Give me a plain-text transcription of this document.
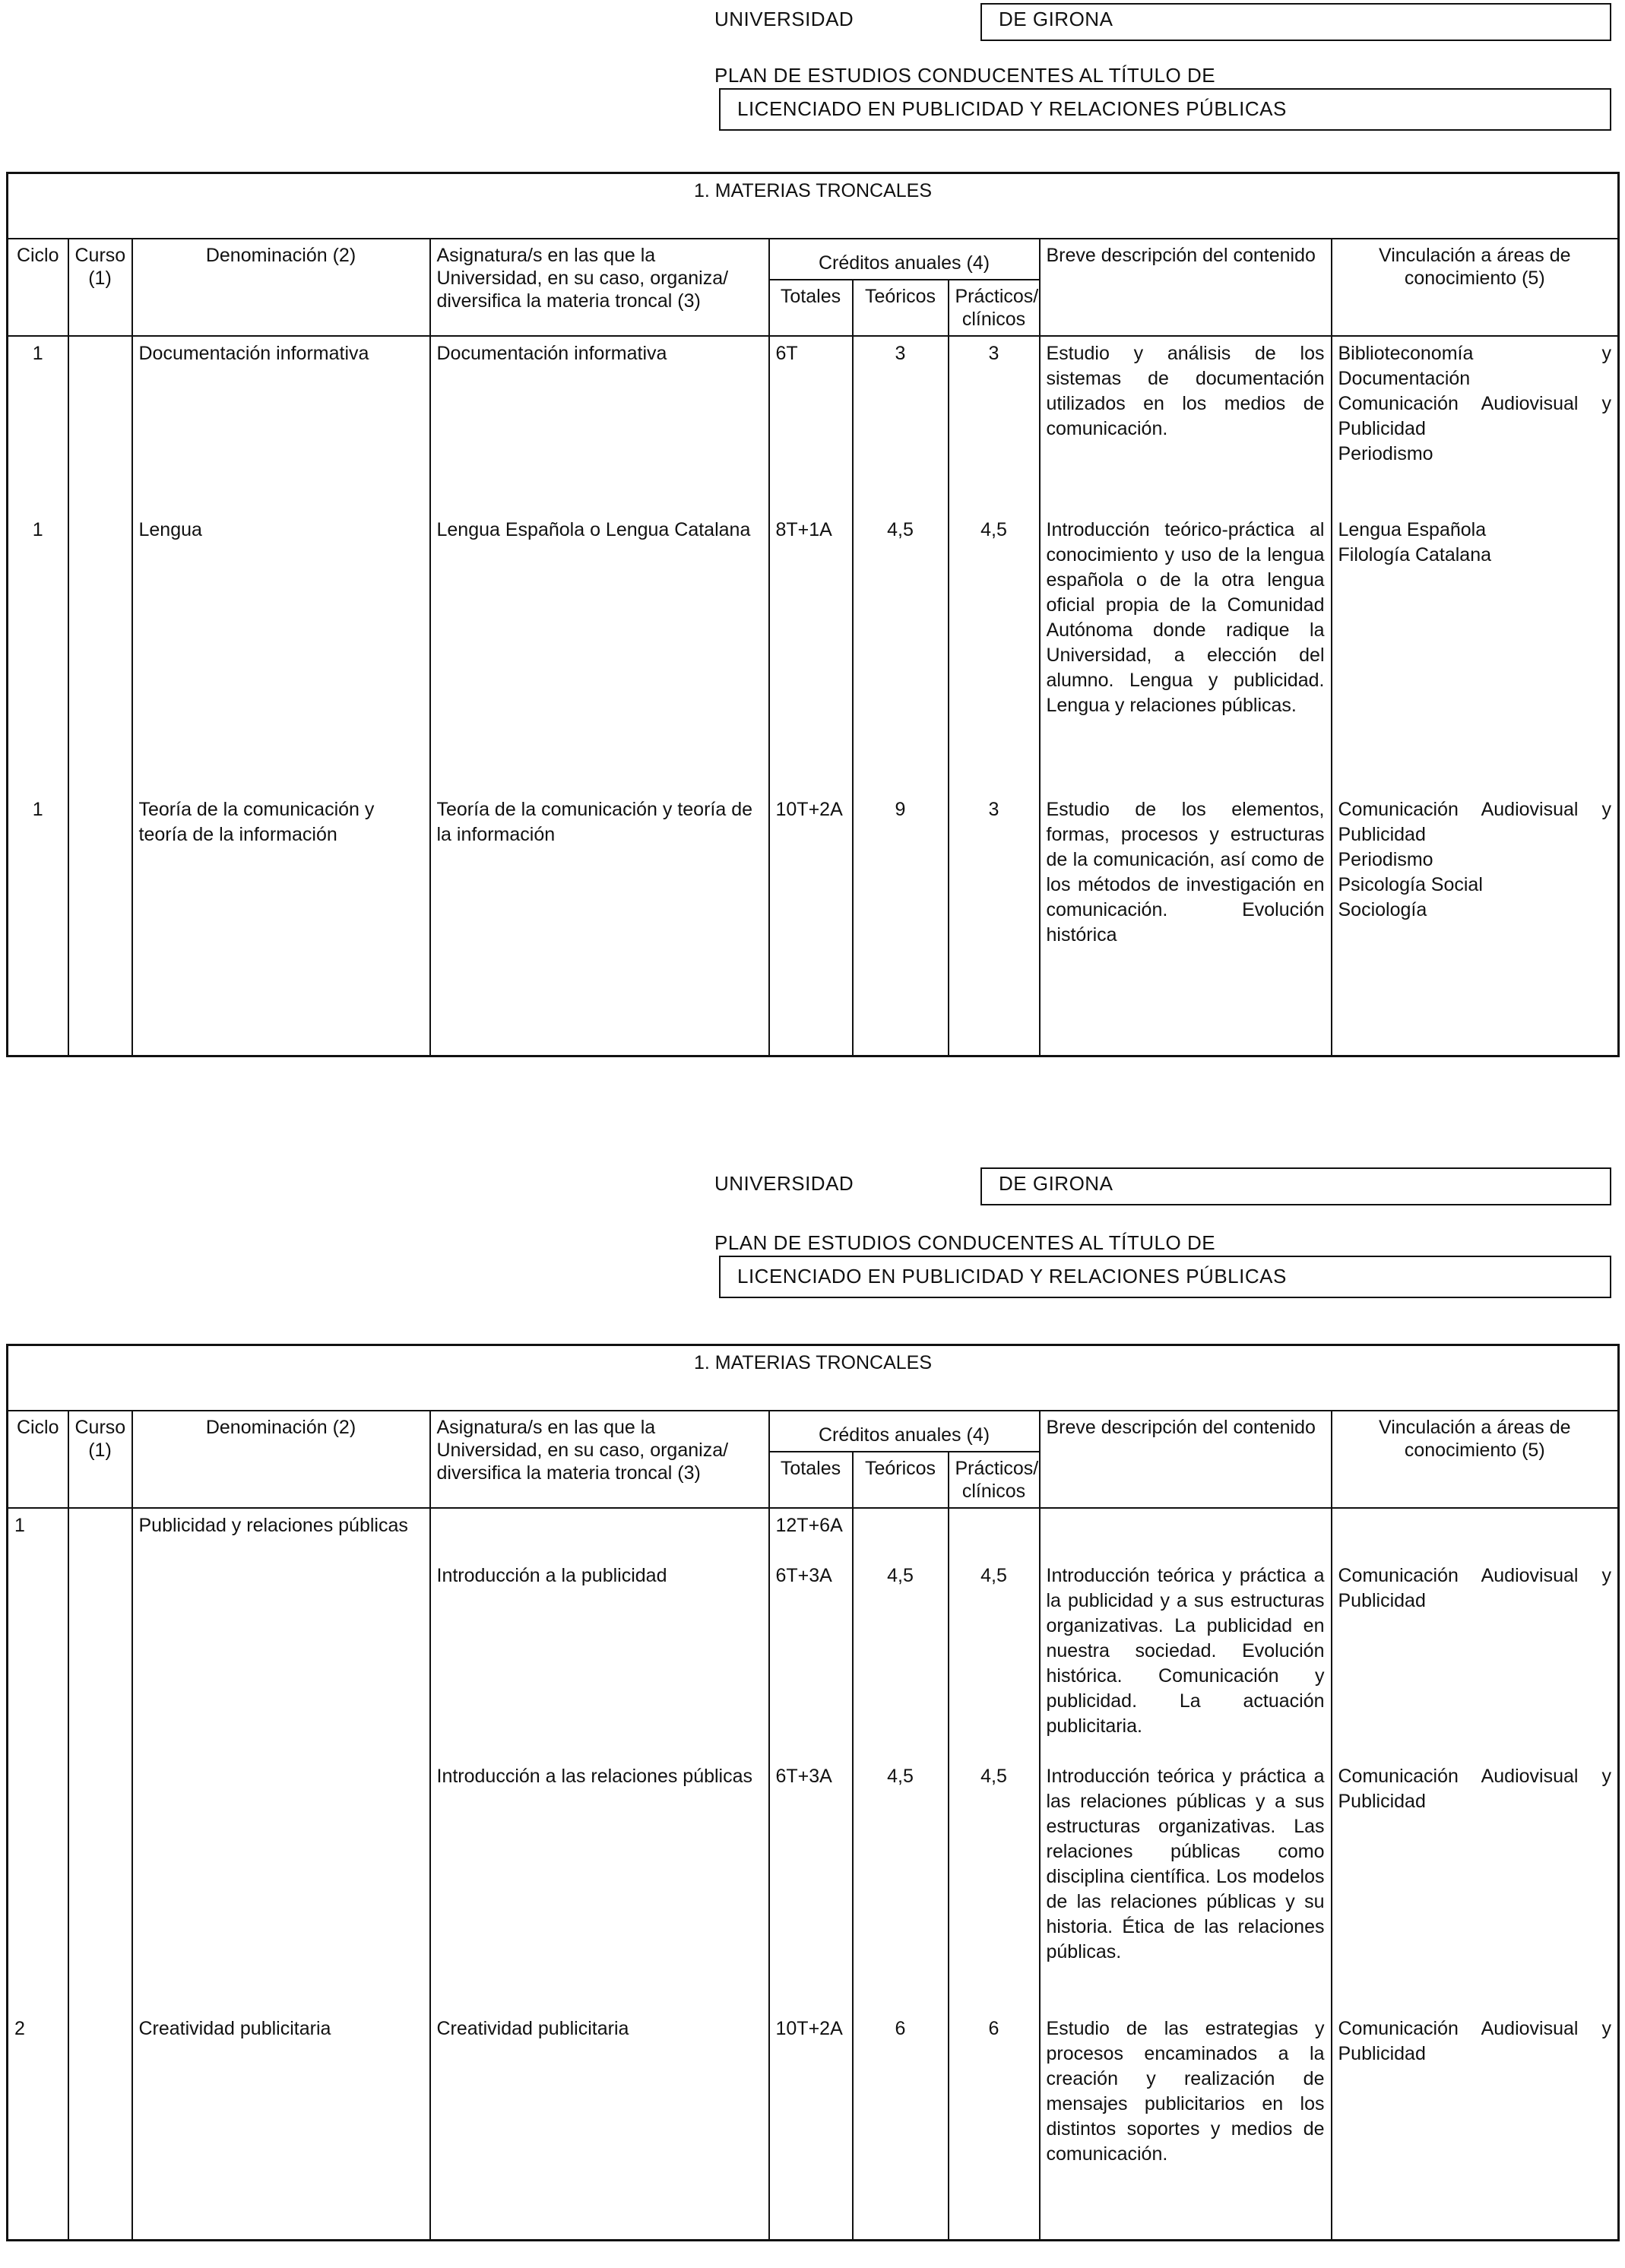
UNIVERSIDAD	DE GIRONA
PLAN DE ESTUDIOS CONDUCENTES AL TÍTULO DE
LICENCIADO EN PUBLICIDAD Y RELACIONES PÚBLICAS
1. MATERIAS TRONCALES								
Ciclo	Curso (1)	Denominación (2)	Asignatura/s en las que la Universidad, en su caso, organiza/ diversifica la materia troncal (3)	Créditos anuales (4)			Breve descripción del contenido	Vinculación a áreas de conocimiento (5)
				Totales	Teóricos	Prácticos/ clínicos		

1		Documentación informativa	Documentación informativa	6T	3	3	Estudio y análisis de los sistemas de documentación utilizados en los medios de comunicación.	Biblioteconomía y Documentación
Comunicación Audiovisual y Publicidad
Periodismo
1		Lengua	Lengua Española o Lengua Catalana	8T+1A	4,5	4,5	Introducción teórico-práctica al conocimiento y uso de la lengua española o de la otra lengua oficial propia de la Comunidad Autónoma donde radique la Universidad, a elección del alumno. Lengua y publicidad. Lengua y relaciones públicas.	Lengua Española
Filología Catalana
1		Teoría de la comunicación y teoría de la información	Teoría de la comunicación y teoría de la información	10T+2A	9	3	Estudio de los elementos, formas, procesos y estructuras de la comunicación, así como de los métodos de investigación en comunicación. Evolución histórica	Comunicación Audiovisual y Publicidad
Periodismo
Psicología Social
Sociología
UNIVERSIDAD	DE GIRONA
PLAN DE ESTUDIOS CONDUCENTES AL TÍTULO DE
LICENCIADO EN PUBLICIDAD Y RELACIONES PÚBLICAS
1. MATERIAS TRONCALES								
Ciclo	Curso (1)	Denominación (2)	Asignatura/s en las que la Universidad, en su caso, organiza/ diversifica la materia troncal (3)	Créditos anuales (4)			Breve descripción del contenido	Vinculación a áreas de conocimiento (5)
				Totales	Teóricos	Prácticos/ clínicos		

1		Publicidad y relaciones públicas		12T+6A				
			Introducción a la publicidad	6T+3A	4,5	4,5	Introducción teórica y práctica a la publicidad y a sus estructuras organizativas. La publicidad en nuestra sociedad. Evolución histórica. Comunicación y publicidad. La actuación publicitaria.	Comunicación Audiovisual y Publicidad
			Introducción a las relaciones públicas	6T+3A	4,5	4,5	Introducción teórica y práctica a las relaciones públicas y a sus estructuras organizativas. Las relaciones públicas como disciplina científica. Los modelos de las relaciones públicas y su historia. Ética de las relaciones públicas.	Comunicación Audiovisual y Publicidad
2		Creatividad publicitaria	Creatividad publicitaria	10T+2A	6	6	Estudio de las estrategias y procesos encaminados a la creación y realización de mensajes publicitarios en los distintos soportes y medios de comunicación.	Comunicación Audiovisual y Publicidad
